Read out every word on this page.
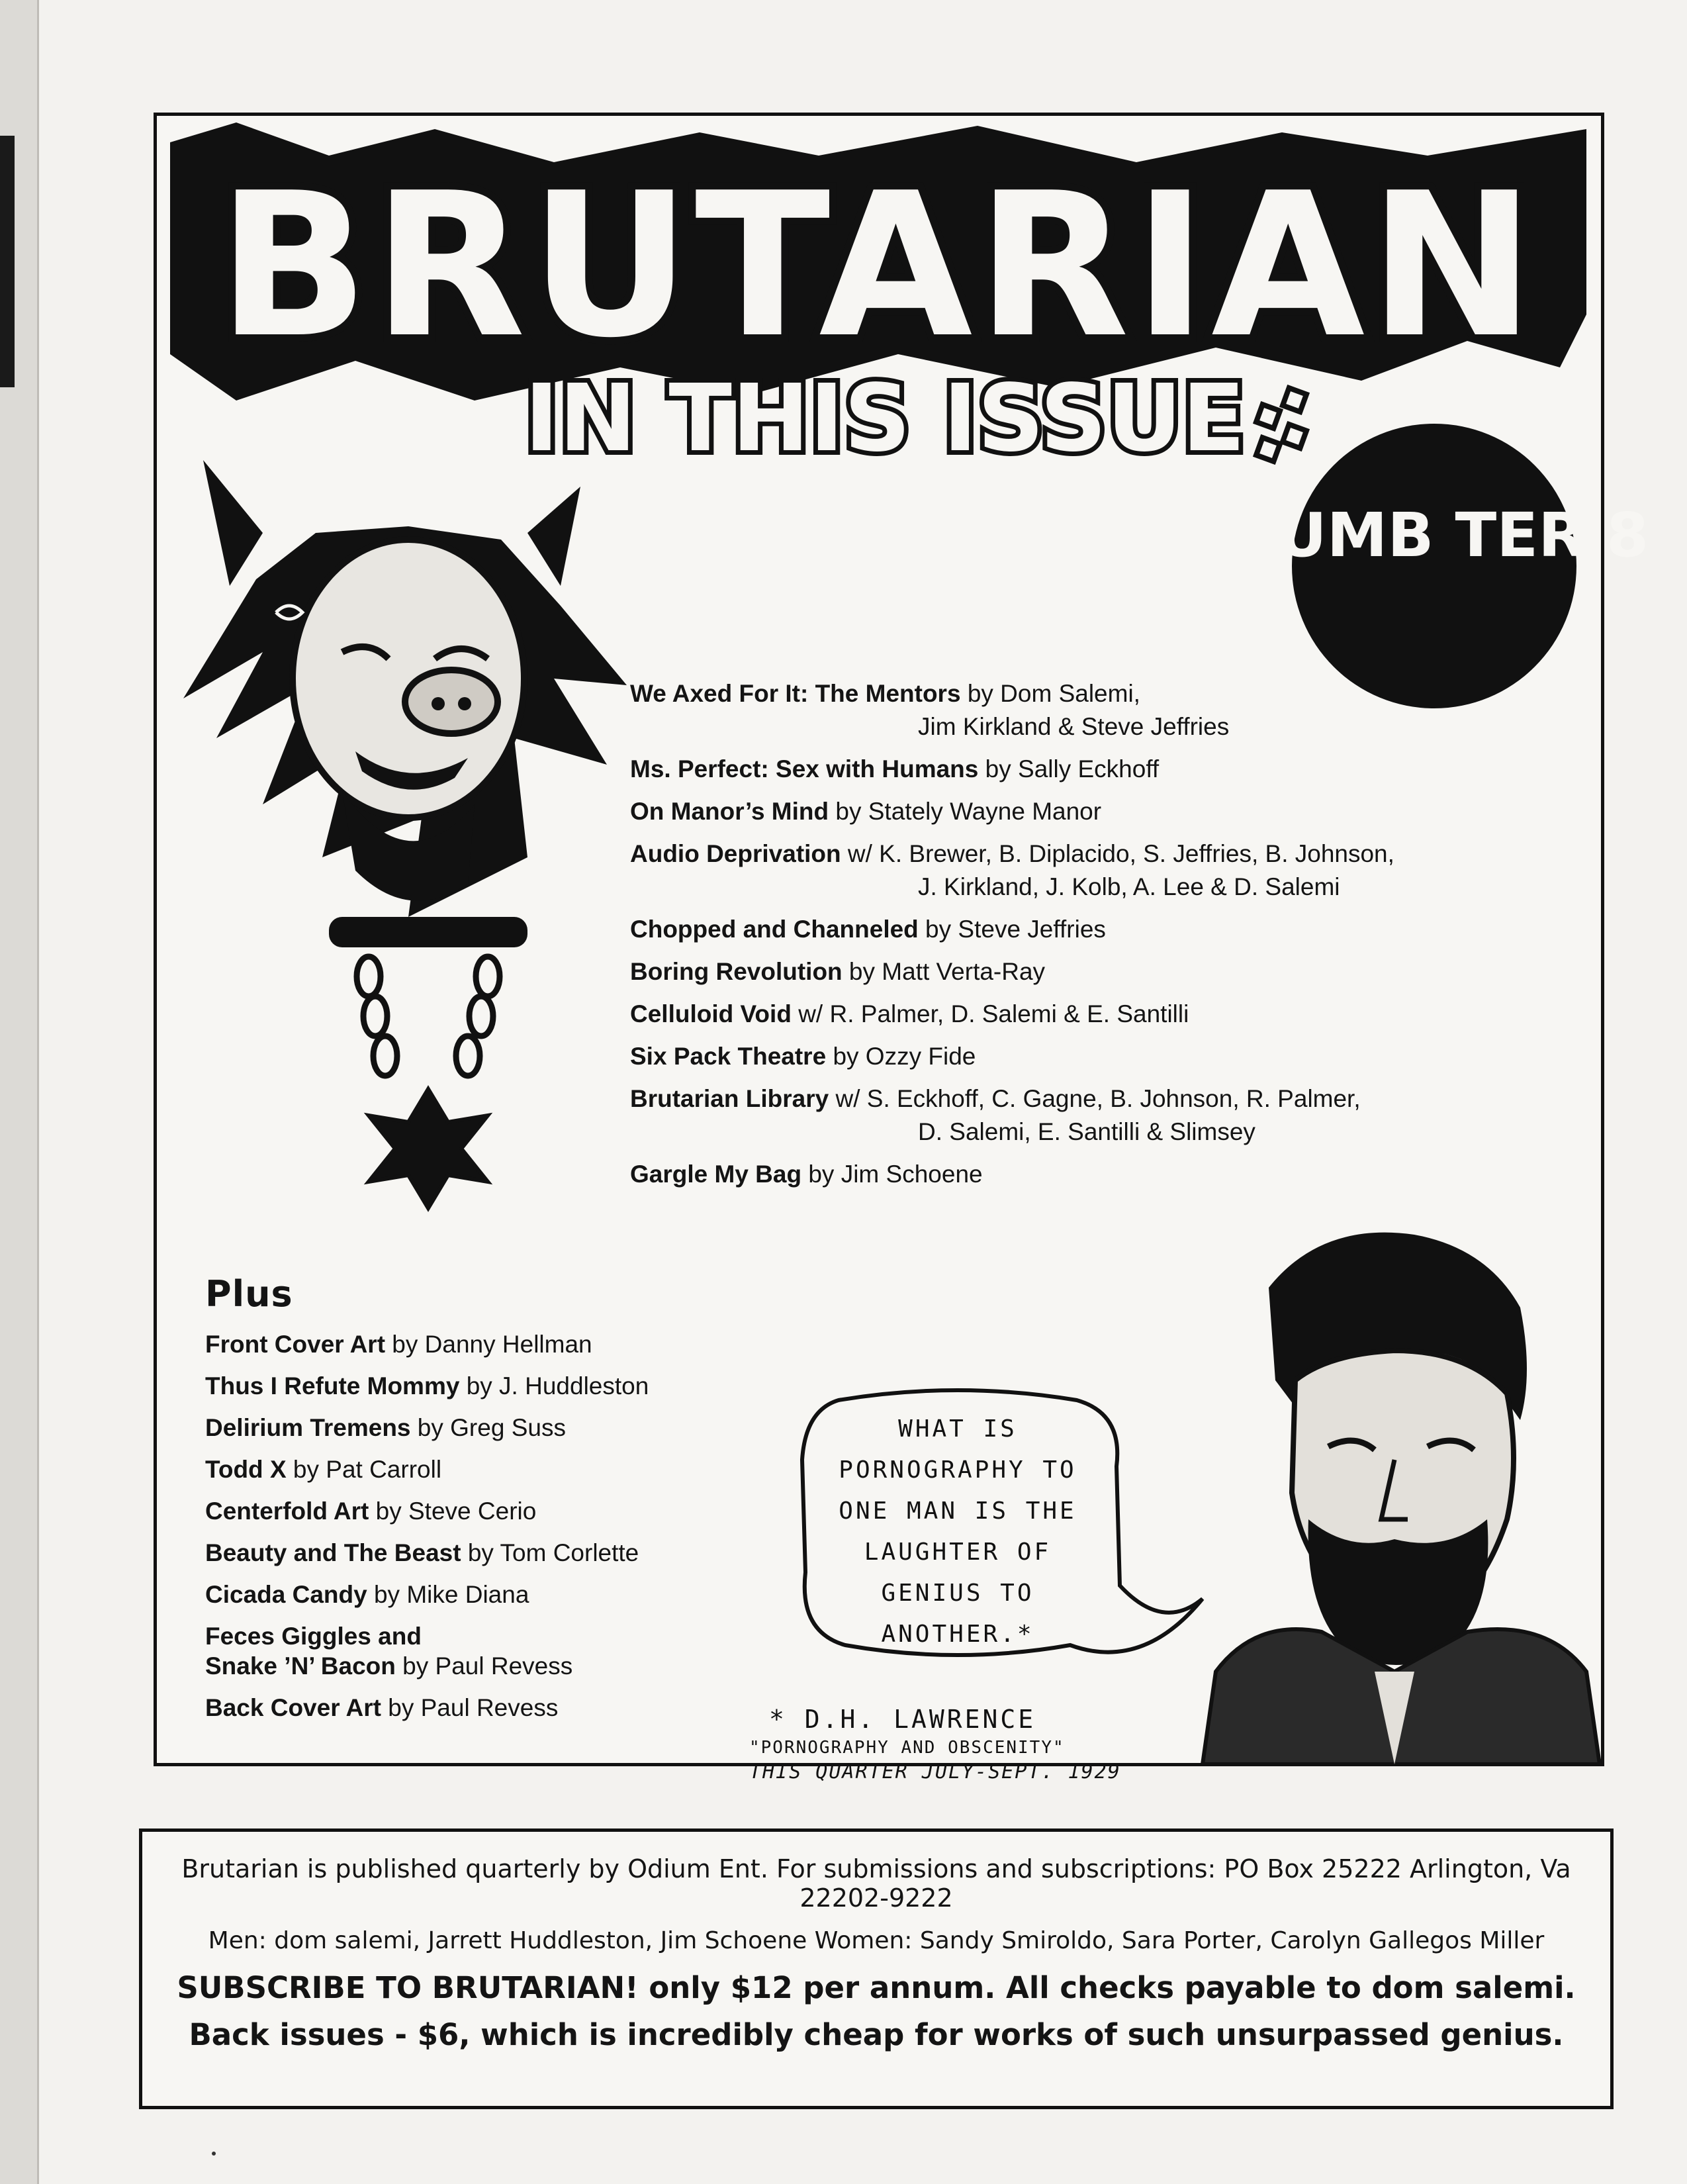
BRUTARIAN
IN THIS ISSUE
NUMB TER 8
We Axed For It: The Mentors by Dom Salemi,
Jim Kirkland & Steve Jeffries
Ms. Perfect: Sex with Humans by Sally Eckhoff
On Manor’s Mind by Stately Wayne Manor
Audio Deprivation w/ K. Brewer, B. Diplacido, S. Jeffries, B. Johnson,
J. Kirkland, J. Kolb, A. Lee & D. Salemi
Chopped and Channeled by Steve Jeffries
Boring Revolution by Matt Verta-Ray
Celluloid Void w/ R. Palmer, D. Salemi & E. Santilli
Six Pack Theatre by Ozzy Fide
Brutarian Library w/ S. Eckhoff, C. Gagne, B. Johnson, R. Palmer,
D. Salemi, E. Santilli & Slimsey
Gargle My Bag by Jim Schoene
Plus
Front Cover Art by Danny Hellman
Thus I Refute Mommy by J. Huddleston
Delirium Tremens by Greg Suss
Todd X by Pat Carroll
Centerfold Art by Steve Cerio
Beauty and The Beast by Tom Corlette
Cicada Candy by Mike Diana
Feces Giggles and
Snake ’N’ Bacon by Paul Revess
Back Cover Art by Paul Revess
WHAT IS
PORNOGRAPHY TO
ONE MAN IS THE
LAUGHTER OF
GENIUS TO
ANOTHER.*
* D.H. LAWRENCE
"PORNOGRAPHY AND OBSCENITY"
THIS QUARTER JULY-SEPT. 1929
Brutarian is published quarterly by Odium Ent. For submissions and subscriptions: PO Box 25222 Arlington, Va 22202-9222
Men: dom salemi, Jarrett Huddleston, Jim Schoene Women: Sandy Smiroldo, Sara Porter, Carolyn Gallegos Miller
SUBSCRIBE TO BRUTARIAN! only $12 per annum. All checks payable to dom salemi.
Back issues - $6, which is incredibly cheap for works of such unsurpassed genius.
